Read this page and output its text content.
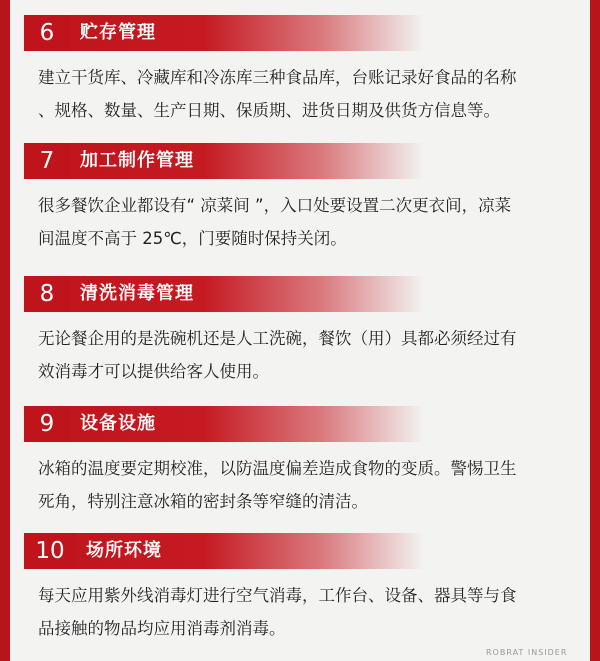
6	贮存管理
建立干货库、冷藏库和冷冻库三种食品库，台账记录好食品的名称
、规格、数量、生产日期、保质期、进货日期及供货方信息等。
7	加工制作管理
很多餐饮企业都设有“ 凉菜间 ”，入口处要设置二次更衣间，凉菜
间温度不高于 25℃，门要随时保持关闭。
8	清洗消毒管理
无论餐企用的是洗碗机还是人工洗碗，餐饮（用）具都必须经过有
效消毒才可以提供给客人使用。
9	设备设施
冰箱的温度要定期校准，以防温度偏差造成食物的变质。警惕卫生
死角，特别注意冰箱的密封条等窄缝的清洁。
10	场所环境
每天应用紫外线消毒灯进行空气消毒，工作台、设备、器具等与食
品接触的物品均应用消毒剂消毒。
ROBRAT INSIDER
